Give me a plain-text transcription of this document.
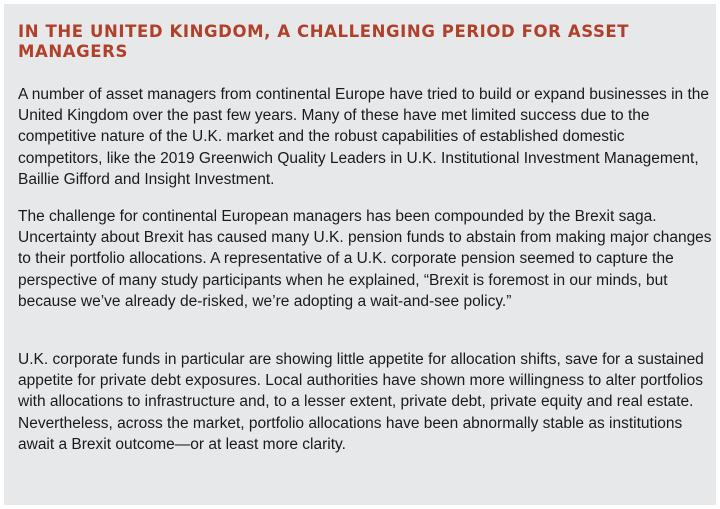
IN THE UNITED KINGDOM, A CHALLENGING PERIOD FOR ASSET MANAGERS

A number of asset managers from continental Europe have tried to build or expand businesses in the United Kingdom over the past few years. Many of these have met limited success due to the competitive nature of the U.K. market and the robust capabilities of established domestic competitors, like the 2019 Greenwich Quality Leaders in U.K. Institutional Investment Management, Baillie Gifford and Insight Investment.

The challenge for continental European managers has been compounded by the Brexit saga. Uncertainty about Brexit has caused many U.K. pension funds to abstain from making major changes to their portfolio allocations. A representative of a U.K. corporate pension seemed to capture the perspective of many study participants when he explained, “Brexit is foremost in our minds, but because we’ve already de-risked, we’re adopting a wait-and-see policy.”

U.K. corporate funds in particular are showing little appetite for allocation shifts, save for a sustained appetite for private debt exposures. Local authorities have shown more willingness to alter portfolios with allocations to infrastructure and, to a lesser extent, private debt, private equity and real estate. Nevertheless, across the market, portfolio allocations have been abnormally stable as institutions await a Brexit outcome—or at least more clarity.
